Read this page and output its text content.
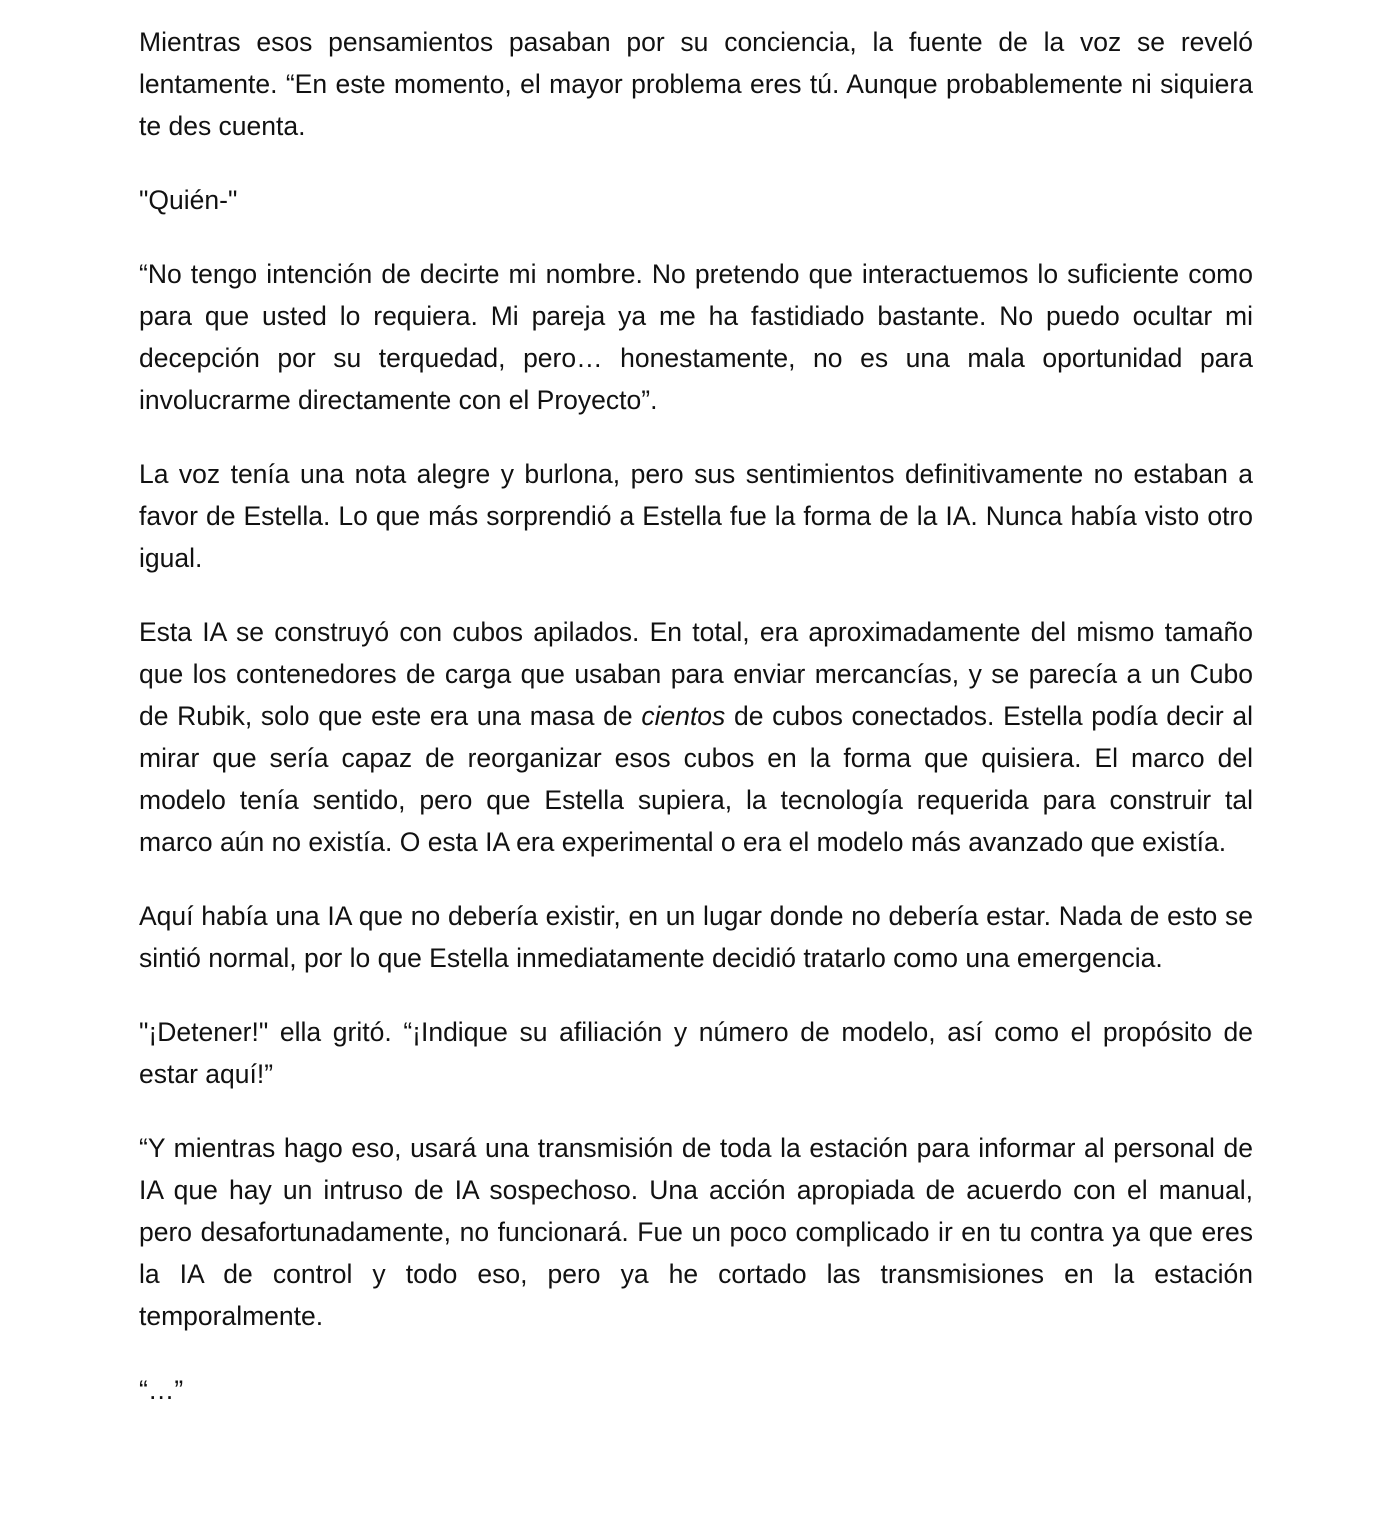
Mientras esos pensamientos pasaban por su conciencia, la fuente de la voz se reveló lentamente. “En este momento, el mayor problema eres tú. Aunque probablemente ni siquiera te des cuenta.

"Quién-"

“No tengo intención de decirte mi nombre. No pretendo que interactuemos lo suficiente como para que usted lo requiera. Mi pareja ya me ha fastidiado bastante. No puedo ocultar mi decepción por su terquedad, pero… honestamente, no es una mala oportunidad para involucrarme directamente con el Proyecto”.

La voz tenía una nota alegre y burlona, pero sus sentimientos definitivamente no estaban a favor de Estella. Lo que más sorprendió a Estella fue la forma de la IA. Nunca había visto otro igual.

Esta IA se construyó con cubos apilados. En total, era aproximadamente del mismo tamaño que los contenedores de carga que usaban para enviar mercancías, y se parecía a un Cubo de Rubik, solo que este era una masa de cientos de cubos conectados. Estella podía decir al mirar que sería capaz de reorganizar esos cubos en la forma que quisiera. El marco del modelo tenía sentido, pero que Estella supiera, la tecnología requerida para construir tal marco aún no existía. O esta IA era experimental o era el modelo más avanzado que existía.

Aquí había una IA que no debería existir, en un lugar donde no debería estar. Nada de esto se sintió normal, por lo que Estella inmediatamente decidió tratarlo como una emergencia.

"¡Detener!" ella gritó. “¡Indique su afiliación y número de modelo, así como el propósito de estar aquí!”

“Y mientras hago eso, usará una transmisión de toda la estación para informar al personal de IA que hay un intruso de IA sospechoso. Una acción apropiada de acuerdo con el manual, pero desafortunadamente, no funcionará. Fue un poco complicado ir en tu contra ya que eres la IA de control y todo eso, pero ya he cortado las transmisiones en la estación temporalmente.

“…”
